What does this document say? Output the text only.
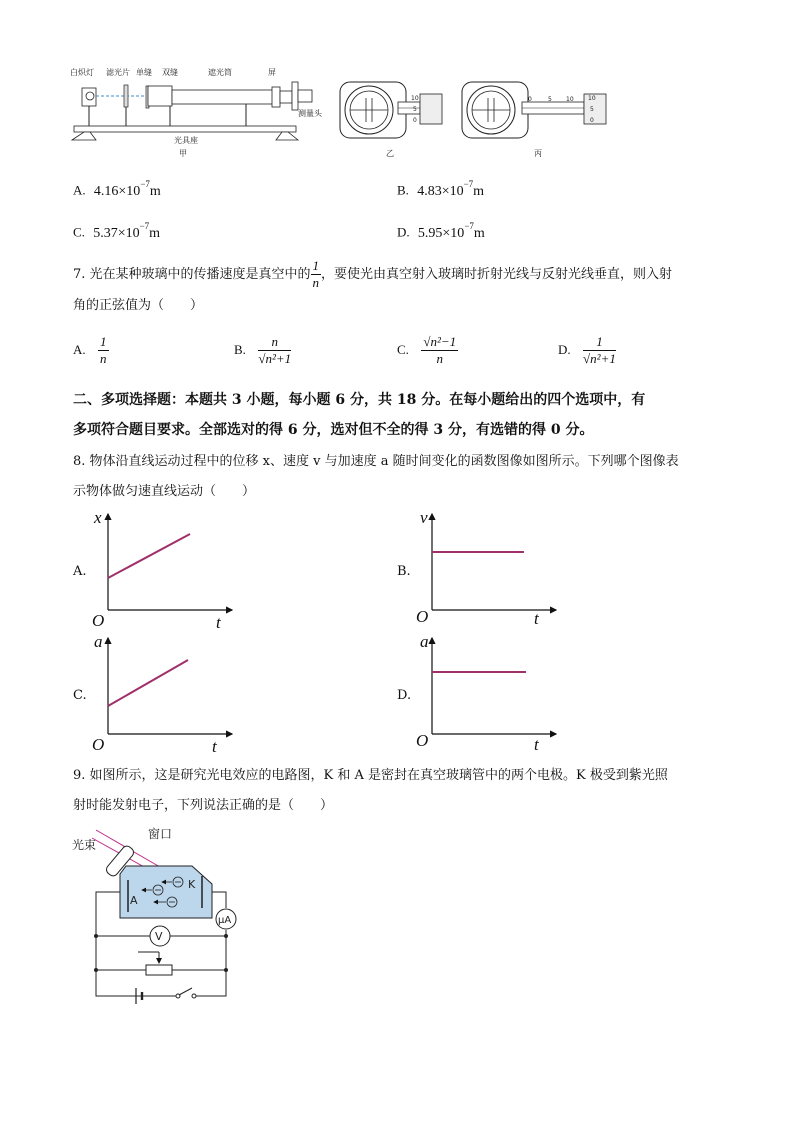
白炽灯 滤光片 单缝 双缝	遮光筒	屏
测量头
光具座
甲
10
5
0
乙
0	5 10 10
5
0
丙
A. $4.16\times 10^{-7}m$	B. $4.83\times 10^{-7}m$
C. $5.37\times 10^{-7}m$	D. $5.95\times 10^{-7}m$
7. 光在某种玻璃中的传播速度是真空中的 $\frac{1}{n}$ ，要使光由真空射入玻璃时折射光线与反射光线垂直，则入射
角的正弦值为（　　）
A. $\frac{1}{n}$	B. $\frac{n}{\text{√n²+1}}$	C. $\frac{\text{√n²−1}}{n}$	D. $\frac{1}{\text{√n²+1}}$
二、多项选择题：本题共 3 小题，每小题 6 分，共 18 分。在每小题给出的四个选项中，有
多项符合题目要求。全部选对的得 6 分，选对但不全的得 3 分，有选错的得 0 分。
8. 物体沿直线运动过程中的位移 x、速度 v 与加速度 a 随时间变化的函数图像如图所示。下列哪个图像表
示物体做匀速直线运动（　　）
A.
x
t
O
B.
v
t
O
C.
a
t
O
D.
a
t
O
9. 如图所示，这是研究光电效应的电路图，K 和 A 是密封在真空玻璃管中的两个电极。K 极受到紫光照
射时能发射电子，下列说法正确的是（　　）
光束
窗口
K
A
μA
V
